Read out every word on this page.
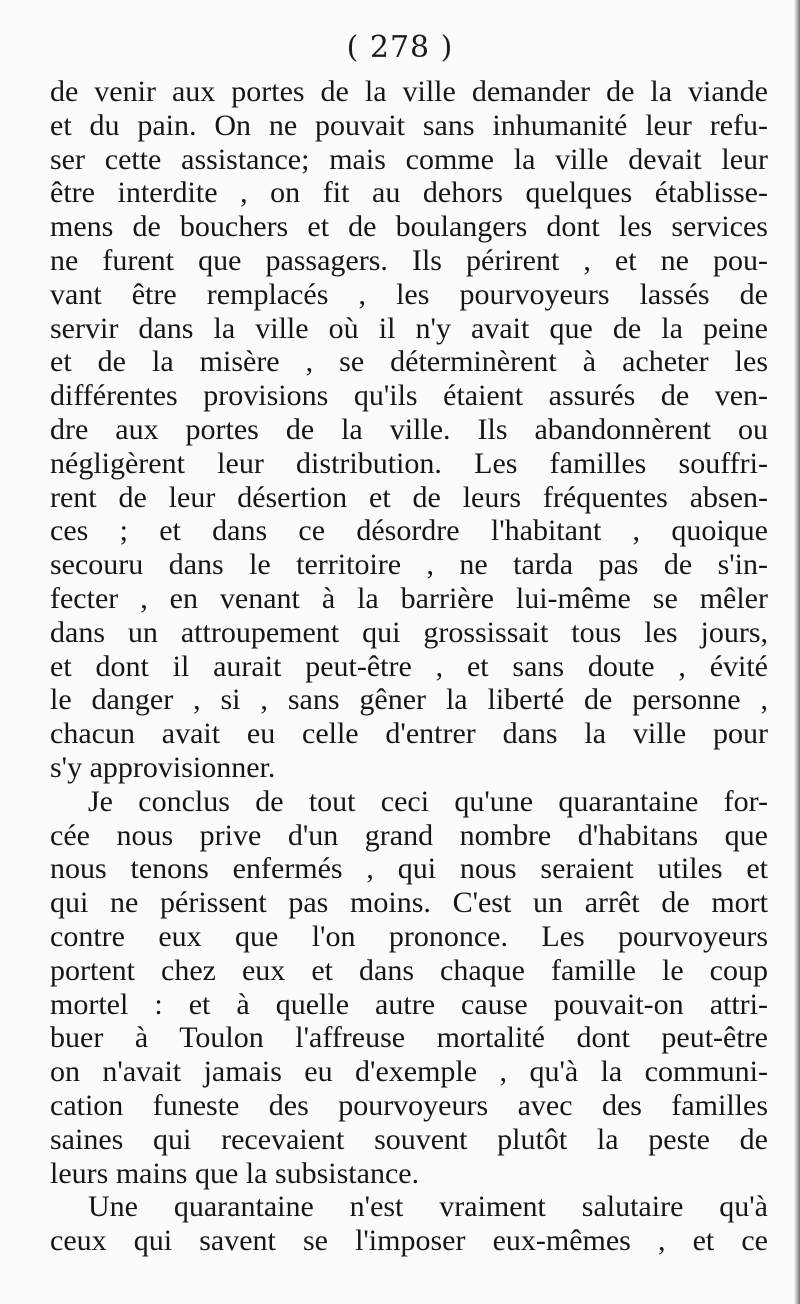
( 278 )
de venir aux portes de la ville demander de la viande
et du pain. On ne pouvait sans inhumanité leur refu-
ser cette assistance; mais comme la ville devait leur
être interdite , on fit au dehors quelques établisse-
mens de bouchers et de boulangers dont les services
ne furent que passagers. Ils périrent , et ne pou-
vant être remplacés , les pourvoyeurs lassés de
servir dans la ville où il n'y avait que de la peine
et de la misère , se déterminèrent à acheter les
différentes provisions qu'ils étaient assurés de ven-
dre aux portes de la ville. Ils abandonnèrent ou
négligèrent leur distribution. Les familles souffri-
rent de leur désertion et de leurs fréquentes absen-
ces ; et dans ce désordre l'habitant , quoique
secouru dans le territoire , ne tarda pas de s'in-
fecter , en venant à la barrière lui-même se mêler
dans un attroupement qui grossissait tous les jours,
et dont il aurait peut-être , et sans doute , évité
le danger , si , sans gêner la liberté de personne ,
chacun avait eu celle d'entrer dans la ville pour
s'y approvisionner.
Je conclus de tout ceci qu'une quarantaine for-
cée nous prive d'un grand nombre d'habitans que
nous tenons enfermés , qui nous seraient utiles et
qui ne périssent pas moins. C'est un arrêt de mort
contre eux que l'on prononce. Les pourvoyeurs
portent chez eux et dans chaque famille le coup
mortel : et à quelle autre cause pouvait-on attri-
buer à Toulon l'affreuse mortalité dont peut-être
on n'avait jamais eu d'exemple , qu'à la communi-
cation funeste des pourvoyeurs avec des familles
saines qui recevaient souvent plutôt la peste de
leurs mains que la subsistance.
Une quarantaine n'est vraiment salutaire qu'à
ceux qui savent se l'imposer eux-mêmes , et ce
